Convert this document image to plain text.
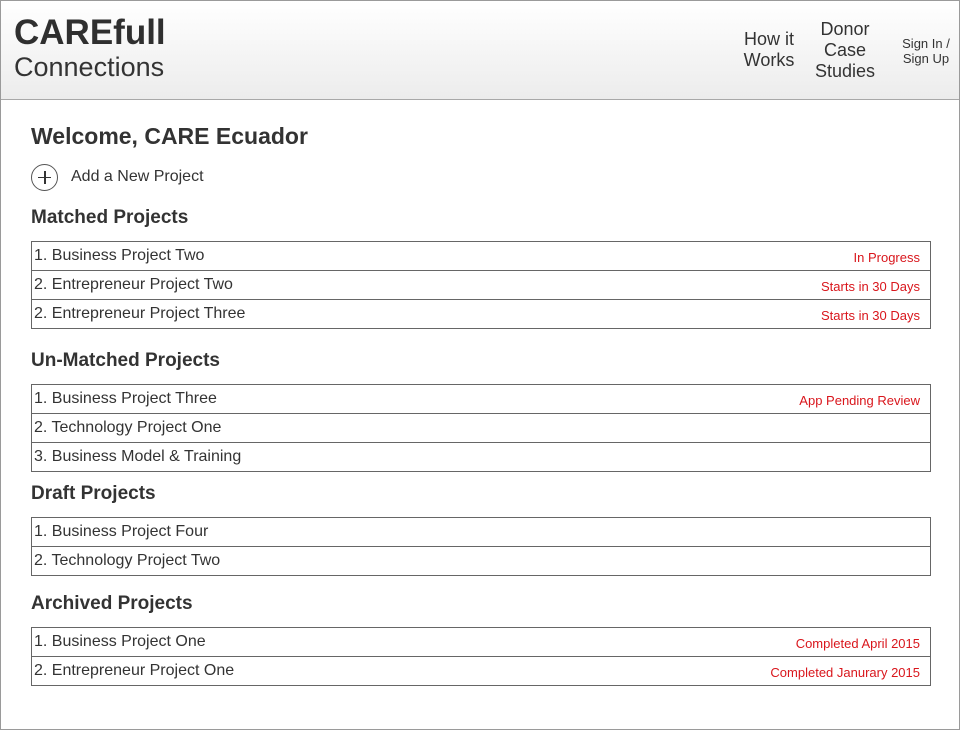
CAREfull
Connections
How it
Works
Donor
Case
Studies
Sign In /
Sign Up
Welcome, CARE Ecuador
Add a New Project
Matched Projects
1. Business Project Two	In Progress
2. Entrepreneur Project Two	Starts in 30 Days
2. Entrepreneur Project Three	Starts in 30 Days
Un-Matched Projects
1. Business Project Three	App Pending Review
2. Technology Project One
3. Business Model & Training
Draft Projects
1. Business Project Four
2. Technology Project Two
Archived Projects
1. Business Project One	Completed April 2015
2. Entrepreneur Project One	Completed Janurary 2015
